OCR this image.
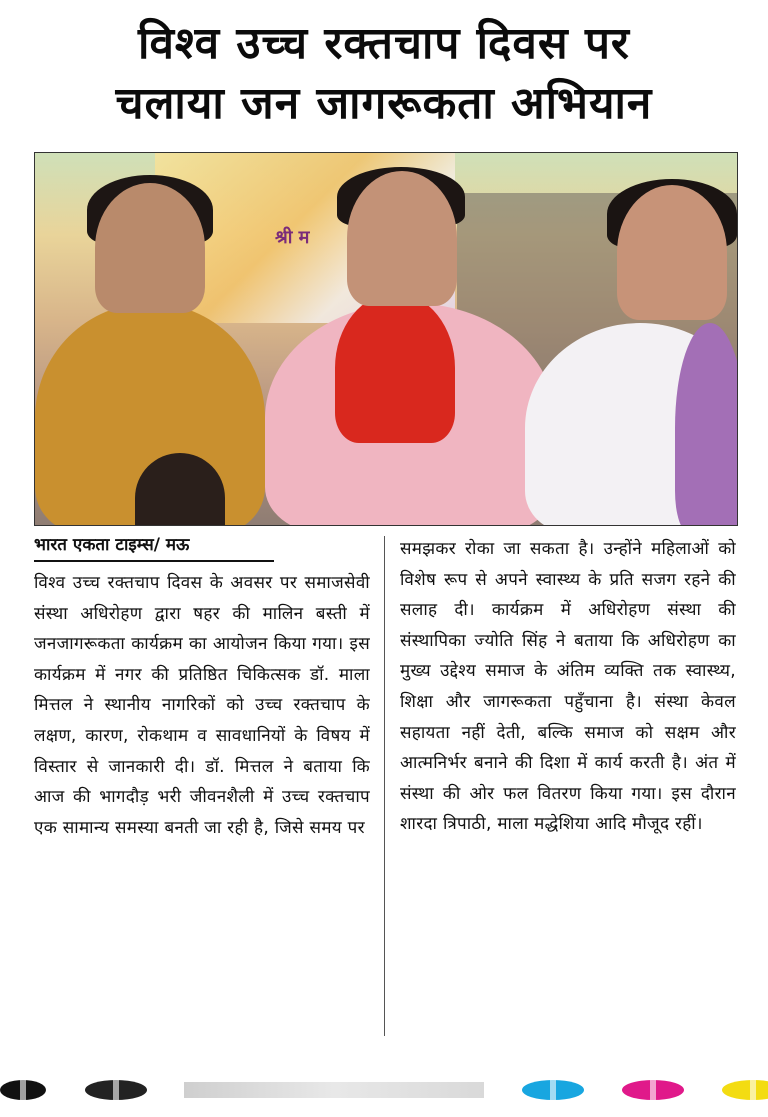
विश्व उच्च रक्तचाप दिवस पर
चलाया जन जागरूकता अभियान
श्री म
भारत एकता टाइम्स/ मऊ
विश्व उच्च रक्तचाप दिवस के अवसर पर समाजसेवी संस्था अधिरोहण द्वारा षहर की मालिन बस्ती में जनजागरूकता कार्यक्रम का आयोजन किया गया। इस कार्यक्रम में नगर की प्रतिष्ठित चिकित्सक डॉ. माला मित्तल ने स्थानीय नागरिकों को उच्च रक्तचाप के लक्षण, कारण, रोकथाम व सावधानियों के विषय में विस्तार से जानकारी दी। डॉ. मित्तल ने बताया कि आज की भागदौड़ भरी जीवनशैली में उच्च रक्तचाप एक सामान्य समस्या बनती जा रही है, जिसे समय पर
समझकर रोका जा सकता है। उन्होंने महिलाओं को विशेष रूप से अपने स्वास्थ्य के प्रति सजग रहने की सलाह दी। कार्यक्रम में अधिरोहण संस्था की संस्थापिका ज्योति सिंह ने बताया कि अधिरोहण का मुख्य उद्देश्य समाज के अंतिम व्यक्ति तक स्वास्थ्य, शिक्षा और जागरूकता पहुँचाना है। संस्था केवल सहायता नहीं देती, बल्कि समाज को सक्षम और आत्मनिर्भर बनाने की दिशा में कार्य करती है। अंत में संस्था की ओर फल वितरण किया गया। इस दौरान शारदा त्रिपाठी, माला मद्धेशिया आदि मौजूद रहीं।
